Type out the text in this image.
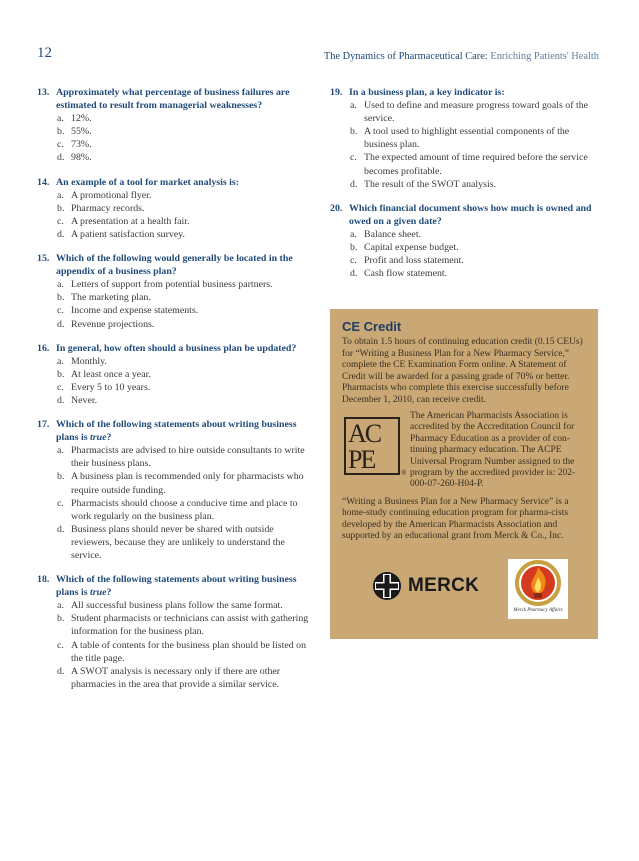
12	The Dynamics of Pharmaceutical Care: Enriching Patients' Health
13. Approximately what percentage of business failures are estimated to result from managerial weaknesses?
a. 12%.
b. 55%.
c. 73%.
d. 98%.
14. An example of a tool for market analysis is:
a. A promotional flyer.
b. Pharmacy records.
c. A presentation at a health fair.
d. A patient satisfaction survey.
15. Which of the following would generally be located in the appendix of a business plan?
a. Letters of support from potential business partners.
b. The marketing plan.
c. Income and expense statements.
d. Revenue projections.
16. In general, how often should a business plan be updated?
a. Monthly.
b. At least once a year.
c. Every 5 to 10 years.
d. Never.
17. Which of the following statements about writing business plans is true?
a. Pharmacists are advised to hire outside consultants to write their business plans.
b. A business plan is recommended only for pharmacists who require outside funding.
c. Pharmacists should choose a conducive time and place to work regularly on the business plan.
d. Business plans should never be shared with outside reviewers, because they are unlikely to understand the service.
18. Which of the following statements about writing business plans is true?
a. All successful business plans follow the same format.
b. Student pharmacists or technicians can assist with gathering information for the business plan.
c. A table of contents for the business plan should be listed on the title page.
d. A SWOT analysis is necessary only if there are other pharmacies in the area that provide a similar service.
19. In a business plan, a key indicator is:
a. Used to define and measure progress toward goals of the service.
b. A tool used to highlight essential components of the business plan.
c. The expected amount of time required before the service becomes profitable.
d. The result of the SWOT analysis.
20. Which financial document shows how much is owned and owed on a given date?
a. Balance sheet.
b. Capital expense budget.
c. Profit and loss statement.
d. Cash flow statement.
CE Credit
To obtain 1.5 hours of continuing education credit (0.15 CEUs) for “Writing a Business Plan for a New Pharmacy Service,” complete the CE Examination Form online. A Statement of Credit will be awarded for a passing grade of 70% or better. Pharmacists who complete this exercise successfully before December 1, 2010, can receive credit.
AC
PE	®
The American Pharmacists Association is accredited by the Accreditation Council for Pharmacy Education as a provider of con-tinuing pharmacy education. The ACPE Universal Program Number assigned to the program by the accredited provider is: 202-000-07-260-H04-P.
“Writing a Business Plan for a New Pharmacy Service” is a home-study continuing education program for pharma-cists developed by the American Pharmacists Association and supported by an educational grant from Merck & Co., Inc.
MERCK
Merck Pharmacy Affairs
